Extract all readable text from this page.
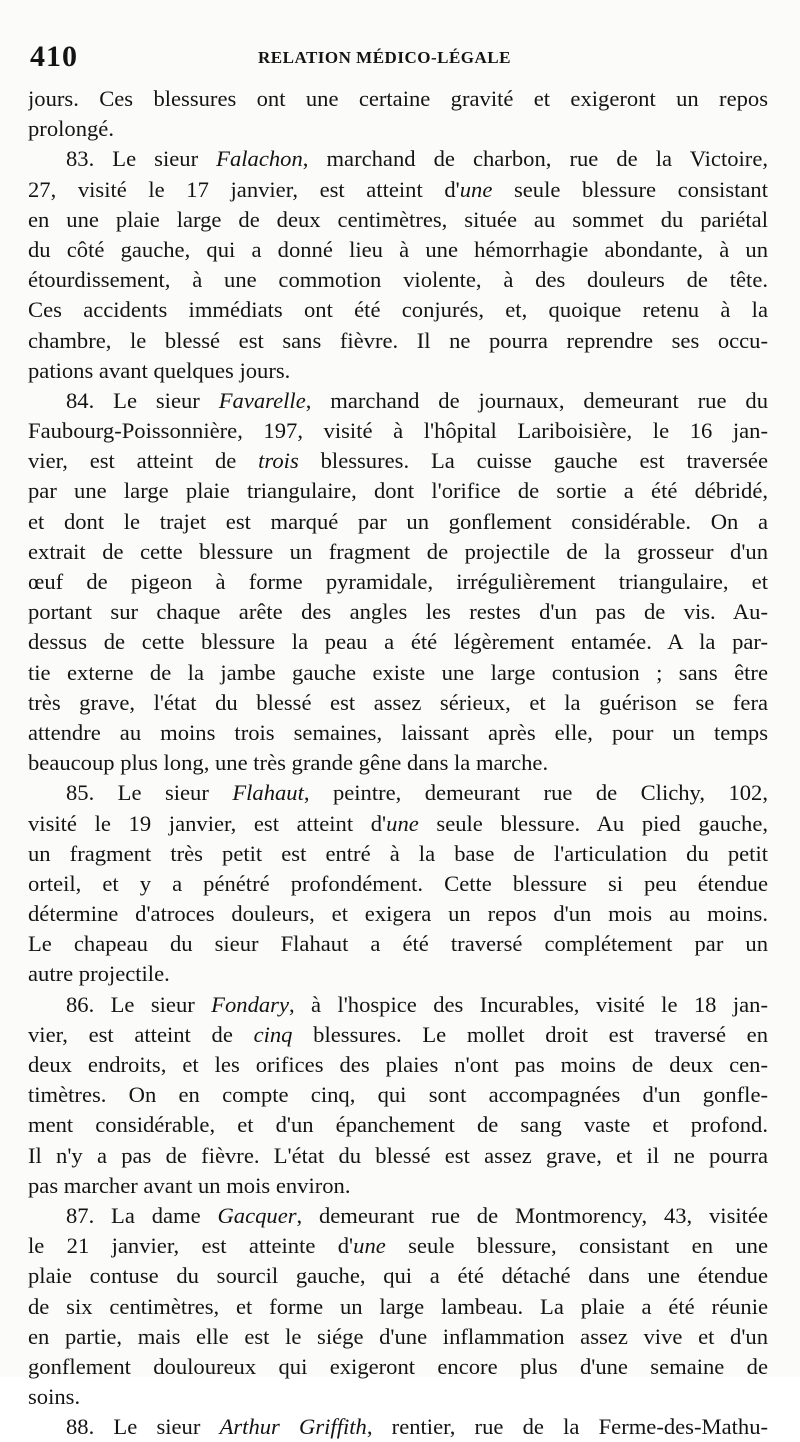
410	RELATION MÉDICO-LÉGALE
jours. Ces blessures ont une certaine gravité et exigeront un repos
prolongé.
83. Le sieur Falachon, marchand de charbon, rue de la Victoire,
27, visité le 17 janvier, est atteint d'une seule blessure consistant
en une plaie large de deux centimètres, située au sommet du pariétal
du côté gauche, qui a donné lieu à une hémorrhagie abondante, à un
étourdissement, à une commotion violente, à des douleurs de tête.
Ces accidents immédiats ont été conjurés, et, quoique retenu à la
chambre, le blessé est sans fièvre. Il ne pourra reprendre ses occu-
pations avant quelques jours.
84. Le sieur Favarelle, marchand de journaux, demeurant rue du
Faubourg-Poissonnière, 197, visité à l'hôpital Lariboisière, le 16 jan-
vier, est atteint de trois blessures. La cuisse gauche est traversée
par une large plaie triangulaire, dont l'orifice de sortie a été débridé,
et dont le trajet est marqué par un gonflement considérable. On a
extrait de cette blessure un fragment de projectile de la grosseur d'un
œuf de pigeon à forme pyramidale, irrégulièrement triangulaire, et
portant sur chaque arête des angles les restes d'un pas de vis. Au-
dessus de cette blessure la peau a été légèrement entamée. A la par-
tie externe de la jambe gauche existe une large contusion ; sans être
très grave, l'état du blessé est assez sérieux, et la guérison se fera
attendre au moins trois semaines, laissant après elle, pour un temps
beaucoup plus long, une très grande gêne dans la marche.
85. Le sieur Flahaut, peintre, demeurant rue de Clichy, 102,
visité le 19 janvier, est atteint d'une seule blessure. Au pied gauche,
un fragment très petit est entré à la base de l'articulation du petit
orteil, et y a pénétré profondément. Cette blessure si peu étendue
détermine d'atroces douleurs, et exigera un repos d'un mois au moins.
Le chapeau du sieur Flahaut a été traversé complétement par un
autre projectile.
86. Le sieur Fondary, à l'hospice des Incurables, visité le 18 jan-
vier, est atteint de cinq blessures. Le mollet droit est traversé en
deux endroits, et les orifices des plaies n'ont pas moins de deux cen-
timètres. On en compte cinq, qui sont accompagnées d'un gonfle-
ment considérable, et d'un épanchement de sang vaste et profond.
Il n'y a pas de fièvre. L'état du blessé est assez grave, et il ne pourra
pas marcher avant un mois environ.
87. La dame Gacquer, demeurant rue de Montmorency, 43, visitée
le 21 janvier, est atteinte d'une seule blessure, consistant en une
plaie contuse du sourcil gauche, qui a été détaché dans une étendue
de six centimètres, et forme un large lambeau. La plaie a été réunie
en partie, mais elle est le siége d'une inflammation assez vive et d'un
gonflement douloureux qui exigeront encore plus d'une semaine de
soins.
88. Le sieur Arthur Griffith, rentier, rue de la Ferme-des-Mathu-
